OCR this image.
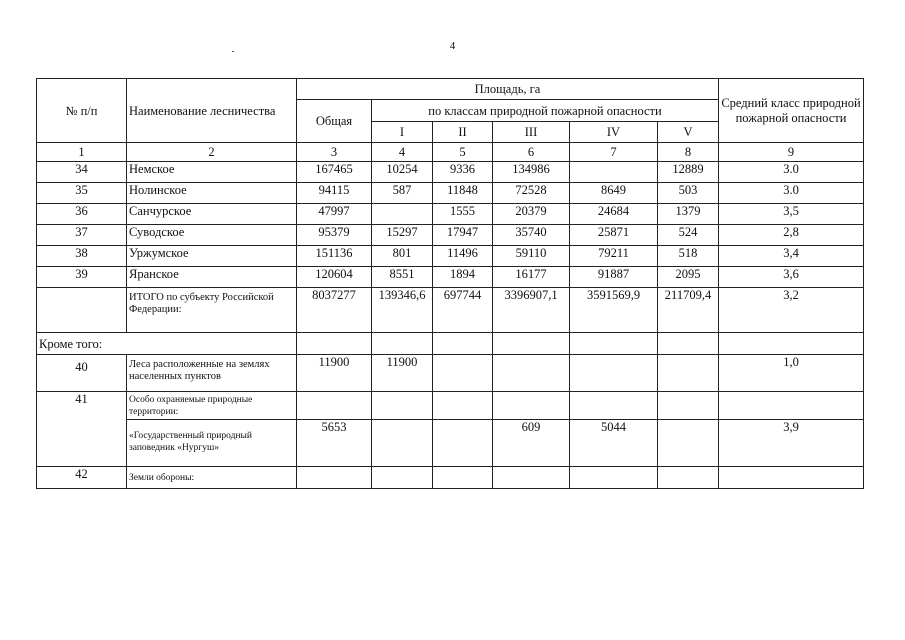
4
№ п/п	Наименование лесничества	Площадь, га						Средний класс природной пожарной опасности
		Общая	по классам природной пожарной опасности					
			I	II	III	IV	V	
1	2	3	4	5	6	7	8	9
34	Немское	167465	10254	9336	134986		12889	3.0
35	Нолинское	94115	587	11848	72528	8649	503	3.0
36	Санчурское	47997		1555	20379	24684	1379	3,5
37	Суводское	95379	15297	17947	35740	25871	524	2,8
38	Уржумское	151136	801	11496	59110	79211	518	3,4
39	Яранское	120604	8551	1894	16177	91887	2095	3,6
	ИТОГО по субъекту Российской Федерации:	8037277	139346,6	697744	3396907,1	3591569,9	211709,4	3,2
Кроме того:								
40	Леса расположенные на землях населенных пунктов	11900	11900					1,0
41	Особо охраняемые природные территории:							
	«Государственный природный заповедник «Нургуш»	5653			609	5044		3,9
42	Земли обороны:							
